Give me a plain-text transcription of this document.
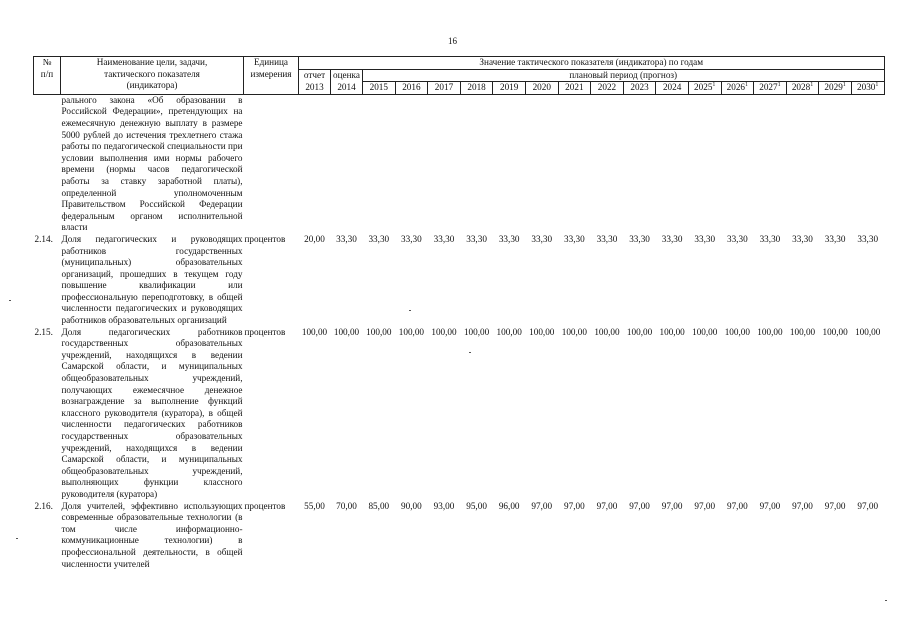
16
№
п/п	Наименование цели, задачи,
тактического показателя
(индикатора)	Единица
измерения	Значение тактического показателя (индикатора) по годам																	
			отчет	оценка	плановый период (прогноз)															
			2013	2014	2015	2016	2017	2018	2019	2020	2021	2022	2023	2024	2025$^1$	2026$^1$	2027$^1$	2028$^1$	2029$^1$	2030$^1$
	рального закона «Об образовании в Российской Федерации», претендующих на ежемесячную денежную выплату в размере 5000 рублей до истечения трехлетнего стажа работы по педагогической специальности при условии выполнения ими нормы рабочего времени (нормы часов педагогической работы за ставку заработной платы), определенной уполномоченным Правительством Российской Федерации федеральным органом исполнительной власти																			
2.14.	Доля педагогических и руководящих работников государственных (муниципальных) образовательных организаций, прошедших в текущем году повышение квалификации или профессиональную переподготовку, в общей численности педагогических и руководящих работников образовательных организаций	процентов	20,00	33,30	33,30	33,30	33,30	33,30	33,30	33,30	33,30	33,30	33,30	33,30	33,30	33,30	33,30	33,30	33,30	33,30
2.15.	Доля педагогических работников государственных образовательных учреждений, находящихся в ведении Самарской области, и муниципальных общеобразовательных учреждений, получающих ежемесячное денежное вознаграждение за выполнение функций классного руководителя (куратора), в общей численности педагогических работников государственных образовательных учреждений, находящихся в ведении Самарской области, и муниципальных общеобразовательных учреждений, выполняющих функции классного руководителя (куратора)	процентов	100,00	100,00	100,00	100,00	100,00	100,00	100,00	100,00	100,00	100,00	100,00	100,00	100,00	100,00	100,00	100,00	100,00	100,00
2.16.	Доля учителей, эффективно использующих современные образовательные технологии (в том числе информационно-коммуникационные технологии) в профессиональной деятельности, в общей численности учителей	процентов	55,00	70,00	85,00	90,00	93,00	95,00	96,00	97,00	97,00	97,00	97,00	97,00	97,00	97,00	97,00	97,00	97,00	97,00
